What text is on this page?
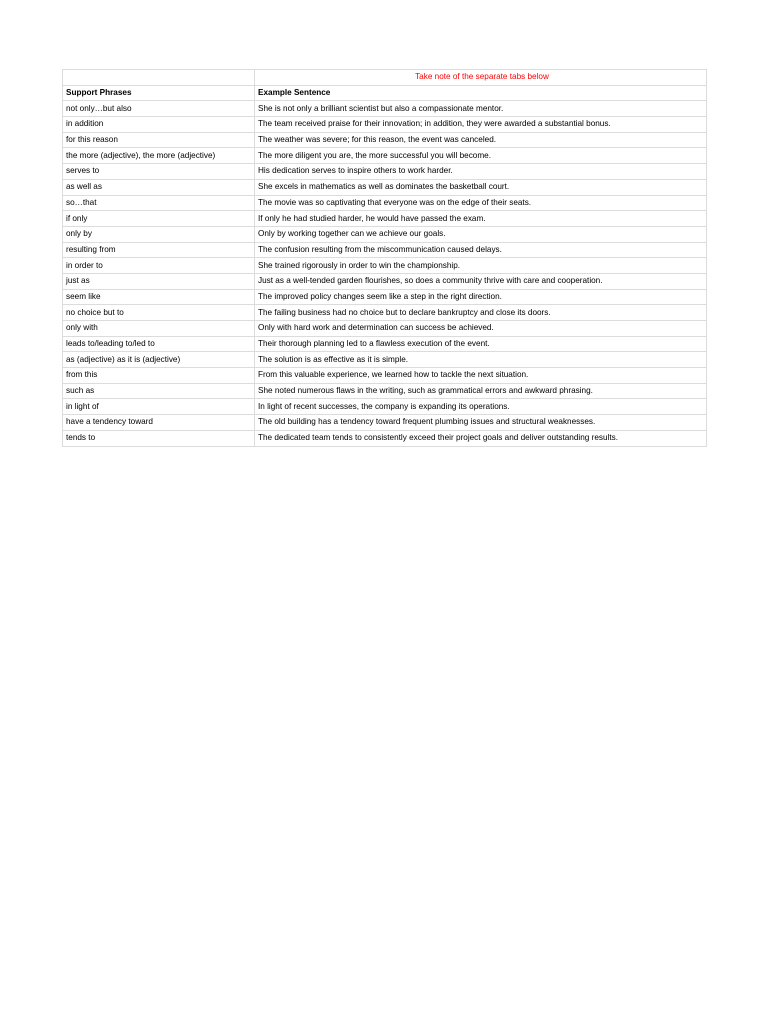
	Take note of the separate tabs below
Support Phrases	Example Sentence
not only…but also	She is not only a brilliant scientist but also a compassionate mentor.
in addition	The team received praise for their innovation; in addition, they were awarded a substantial bonus.
for this reason	The weather was severe; for this reason, the event was canceled.
the more (adjective), the more (adjective)	The more diligent you are, the more successful you will become.
serves to	His dedication serves to inspire others to work harder.
as well as	She excels in mathematics as well as dominates the basketball court.
so…that	The movie was so captivating that everyone was on the edge of their seats.
if only	If only he had studied harder, he would have passed the exam.
only by	Only by working together can we achieve our goals.
resulting from	The confusion resulting from the miscommunication caused delays.
in order to	She trained rigorously in order to win the championship.
just as	Just as a well-tended garden flourishes, so does a community thrive with care and cooperation.
seem like	The improved policy changes seem like a step in the right direction.
no choice but to	The failing business had no choice but to declare bankruptcy and close its doors.
only with	Only with hard work and determination can success be achieved.
leads to/leading to/led to	Their thorough planning led to a flawless execution of the event.
as (adjective) as it is (adjective)	The solution is as effective as it is simple.
from this	From this valuable experience, we learned how to tackle the next situation.
such as	She noted numerous flaws in the writing, such as grammatical errors and awkward phrasing.
in light of	In light of recent successes, the company is expanding its operations.
have a tendency toward	The old building has a tendency toward frequent plumbing issues and structural weaknesses.
tends to	The dedicated team tends to consistently exceed their project goals and deliver outstanding results.
